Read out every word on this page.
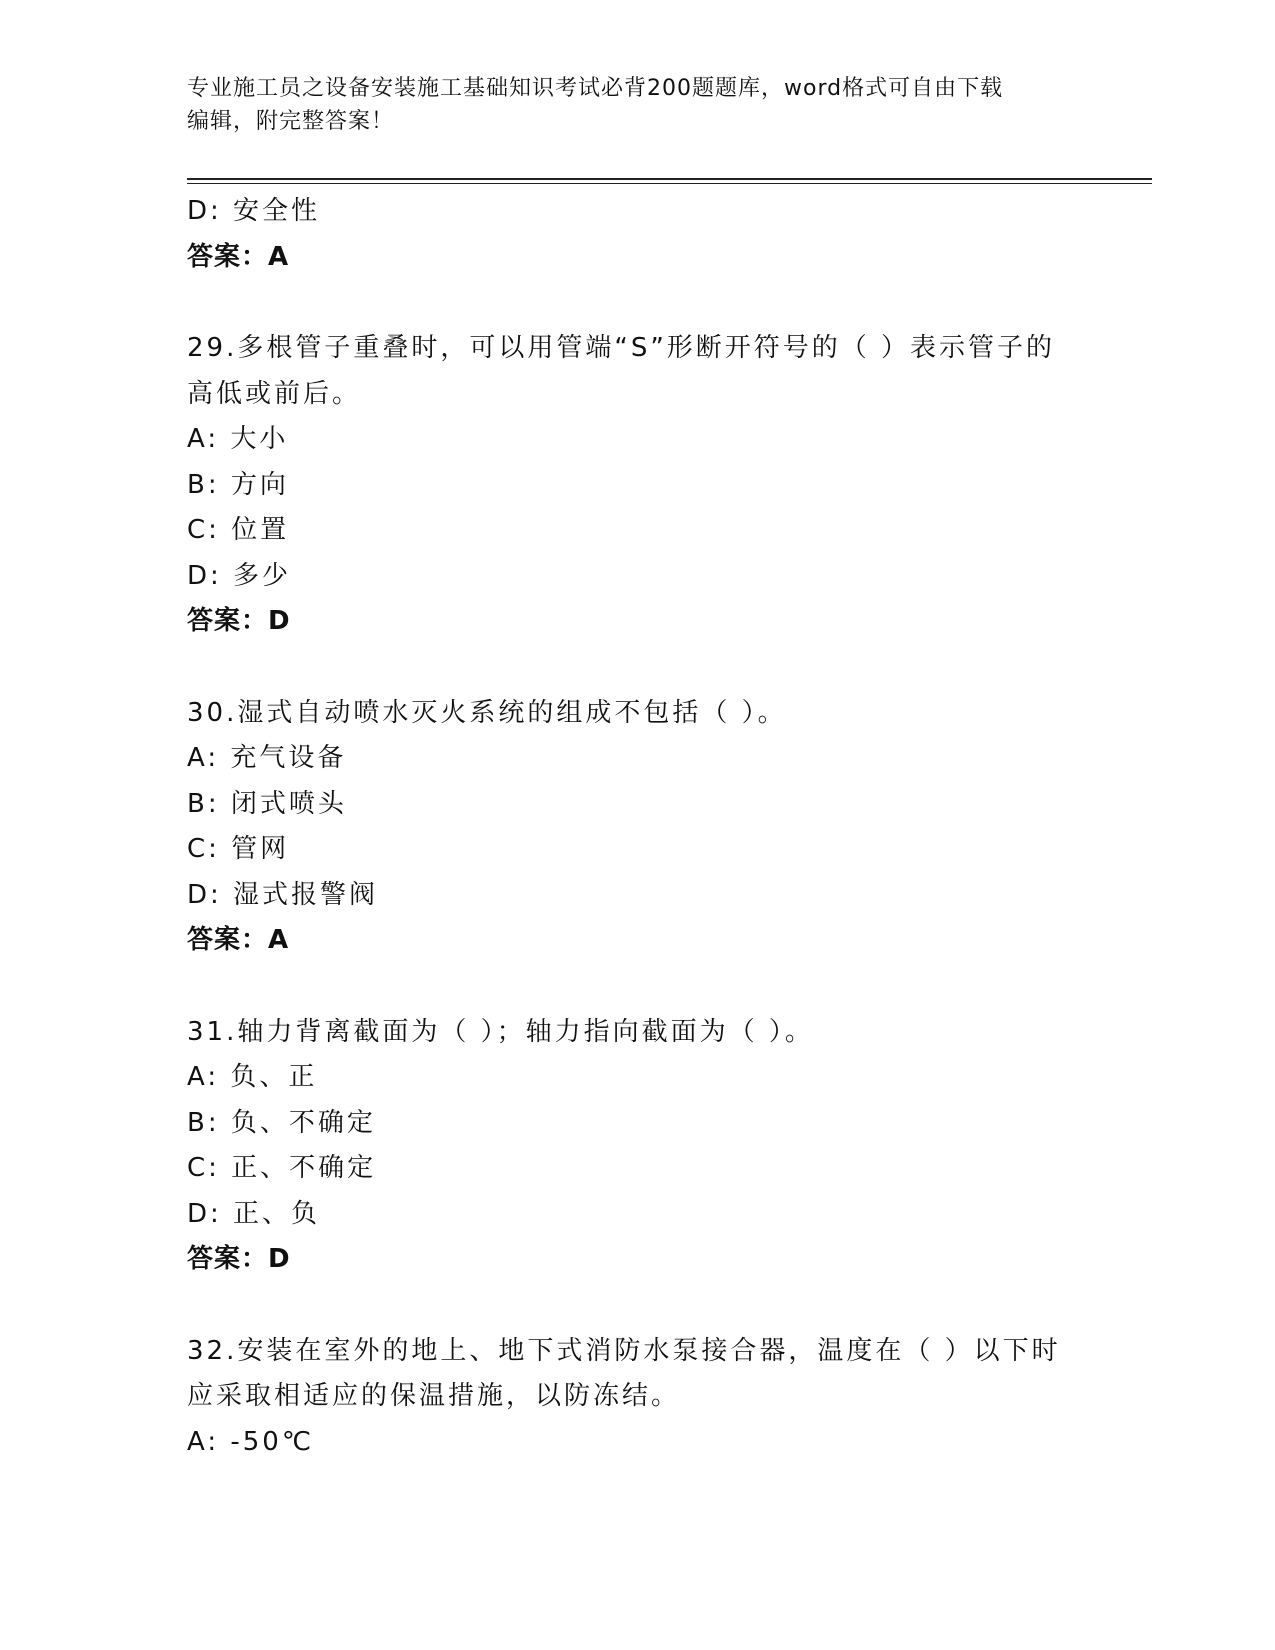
专业施工员之设备安装施工基础知识考试必背200题题库，word格式可自由下载
编辑，附完整答案！
D: 安全性
答案：A
29.多根管子重叠时，可以用管端“S”形断开符号的（ ）表示管子的
高低或前后。
A: 大小
B: 方向
C: 位置
D: 多少
答案：D
30.湿式自动喷水灭火系统的组成不包括（ ）。
A: 充气设备
B: 闭式喷头
C: 管网
D: 湿式报警阀
答案：A
31.轴力背离截面为（ ）；轴力指向截面为（ ）。
A: 负、正
B: 负、不确定
C: 正、不确定
D: 正、负
答案：D
32.安装在室外的地上、地下式消防水泵接合器，温度在（ ）以下时
应采取相适应的保温措施，以防冻结。
A: -50℃
